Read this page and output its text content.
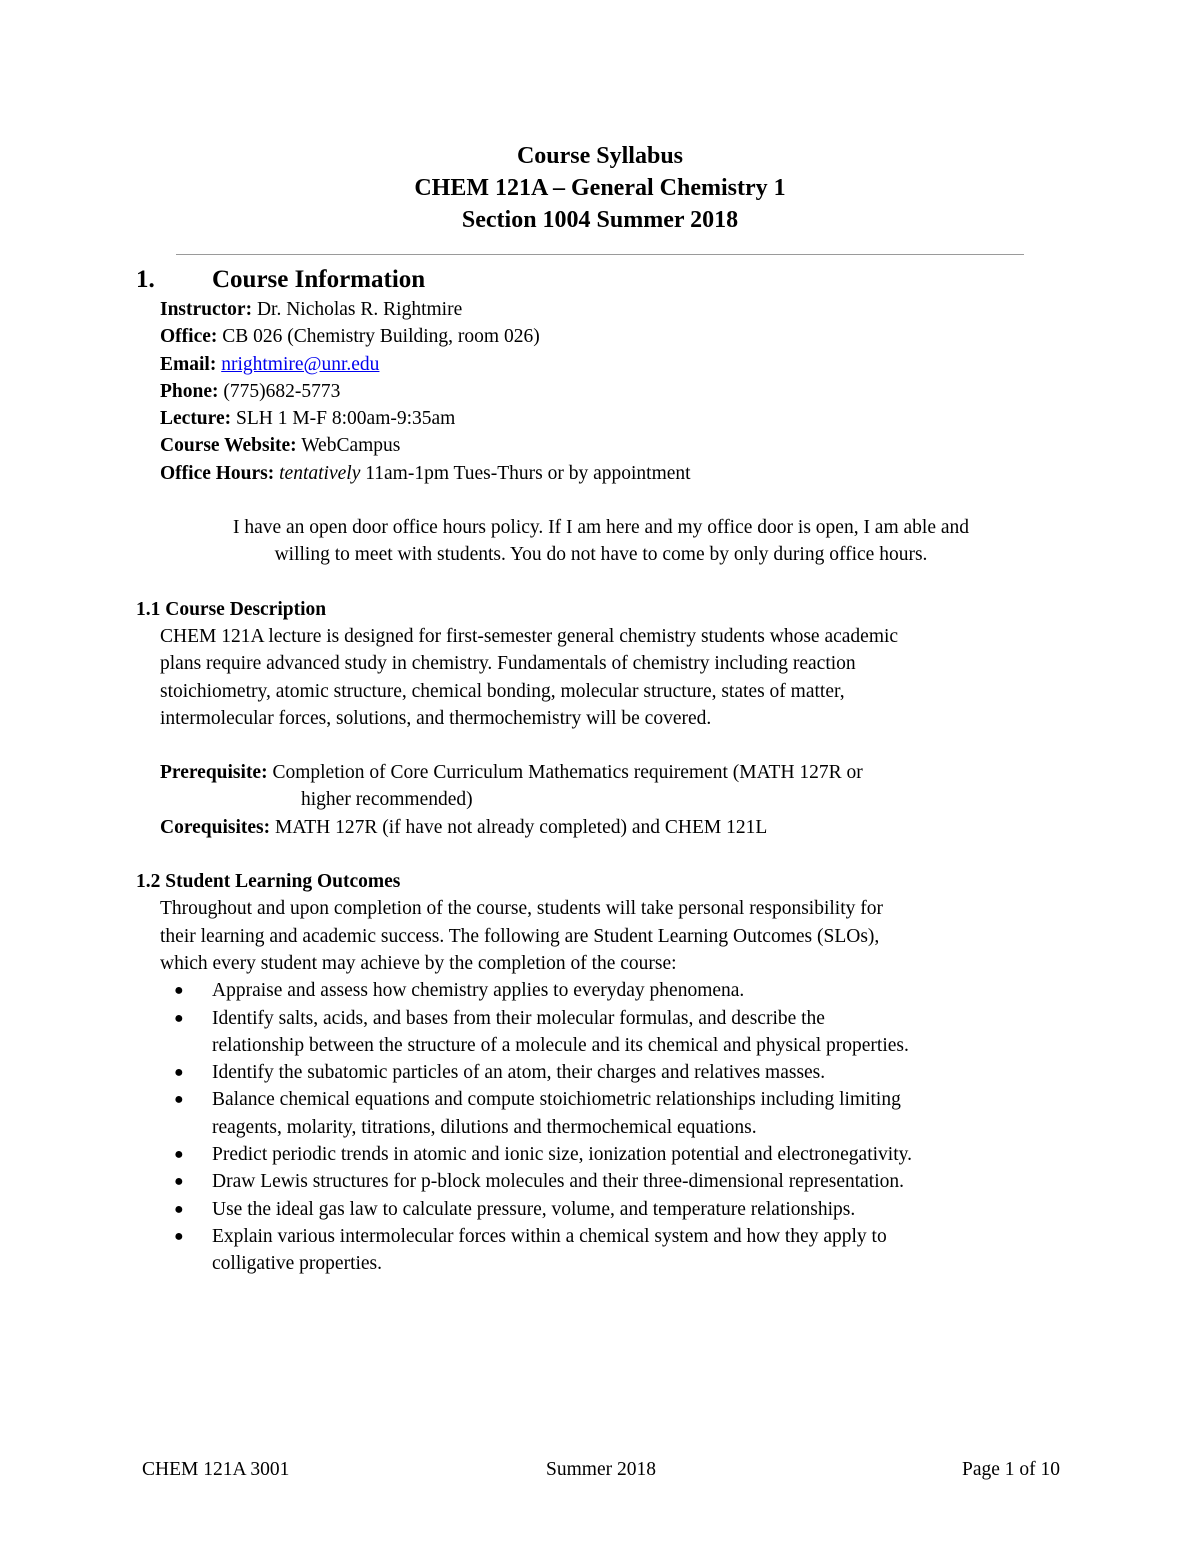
Course Syllabus
CHEM 121A – General Chemistry 1
Section 1004 Summer 2018
1.	Course Information

Instructor: Dr. Nicholas R. Rightmire

Office: CB 026 (Chemistry Building, room 026)

Email: nrightmire@unr.edu

Phone: (775)682-5773

Lecture: SLH 1 M-F 8:00am-9:35am

Course Website: WebCampus

Office Hours: tentatively 11am-1pm Tues-Thurs or by appointment

I have an open door office hours policy. If I am here and my office door is open, I am able and
willing to meet with students. You do not have to come by only during office hours.

1.1 Course Description

CHEM 121A lecture is designed for first-semester general chemistry students whose academic
plans require advanced study in chemistry. Fundamentals of chemistry including reaction
stoichiometry, atomic structure, chemical bonding, molecular structure, states of matter,
intermolecular forces, solutions, and thermochemistry will be covered.

Prerequisite: Completion of Core Curriculum Mathematics requirement (MATH 127R or

higher recommended)

Corequisites: MATH 127R (if have not already completed) and CHEM 121L

1.2 Student Learning Outcomes

Throughout and upon completion of the course, students will take personal responsibility for
their learning and academic success. The following are Student Learning Outcomes (SLOs),
which every student may achieve by the completion of the course:
● Appraise and assess how chemistry applies to everyday phenomena.
● Identify salts, acids, and bases from their molecular formulas, and describe the
relationship between the structure of a molecule and its chemical and physical properties.
● Identify the subatomic particles of an atom, their charges and relatives masses.
● Balance chemical equations and compute stoichiometric relationships including limiting
reagents, molarity, titrations, dilutions and thermochemical equations.
● Predict periodic trends in atomic and ionic size, ionization potential and electronegativity.
● Draw Lewis structures for p-block molecules and their three-dimensional representation.
● Use the ideal gas law to calculate pressure, volume, and temperature relationships.
● Explain various intermolecular forces within a chemical system and how they apply to
colligative properties.
Summer 2018
CHEM 121A 3001	Page 1 of 10
